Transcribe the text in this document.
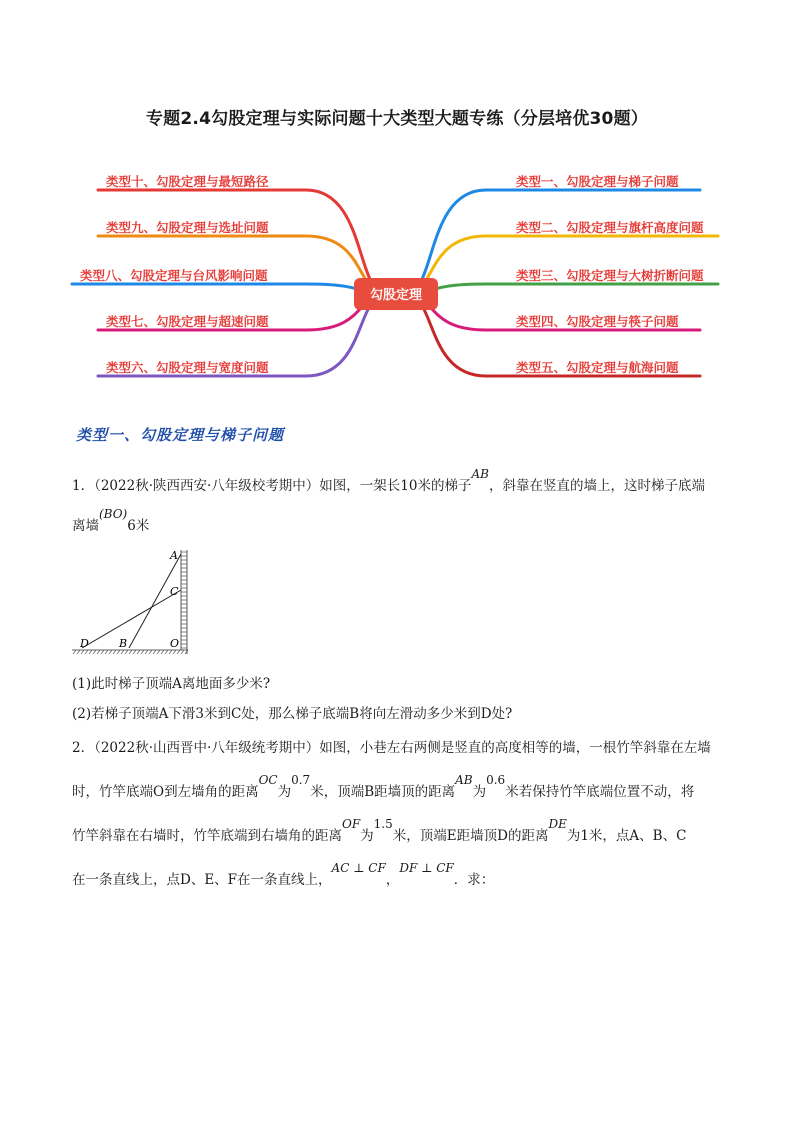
专题2.4勾股定理与实际问题十大类型大题专练（分层培优30题）
类型十、勾股定理与最短路径
类型九、勾股定理与选址问题
类型八、勾股定理与台风影响问题
类型七、勾股定理与超速问题
类型六、勾股定理与宽度问题
类型一、勾股定理与梯子问题
类型二、勾股定理与旗杆高度问题
类型三、勾股定理与大树折断问题
类型四、勾股定理与筷子问题
类型五、勾股定理与航海问题
勾股定理
类型一、勾股定理与梯子问题
1．（2022秋·陕西西安·八年级校考期中）如图，一架长10米的梯子AB，斜靠在竖直的墙上，这时梯子底端
离墙(BO)6米
A
C
D	B	O
(1)此时梯子顶端A离地面多少米?
(2)若梯子顶端A下滑3米到C处，那么梯子底端B将向左滑动多少米到D处?
2．（2022秋·山西晋中·八年级统考期中）如图，小巷左右两侧是竖直的高度相等的墙，一根竹竿斜靠在左墙
时，竹竿底端O到左墙角的距离OC为0.7米，顶端B距墙顶的距离AB为0.6米若保持竹竿底端位置不动，将
竹竿斜靠在右墙时，竹竿底端到右墙角的距离OF为1.5米，顶端E距墙顶D的距离DE为1米，点A、B、C
在一条直线上，点D、E、F在一条直线上，AC ⊥ CF，DF ⊥ CF．求：
